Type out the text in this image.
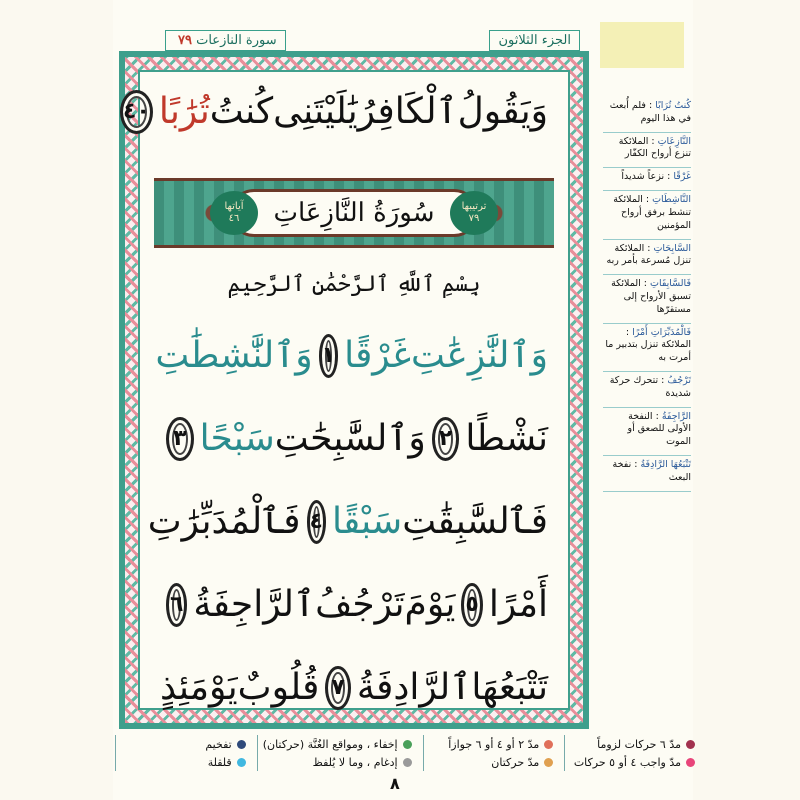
سورة النازعات ٧٩	الجزء الثلاثون
وَيَقُولُ
ٱلْكَافِرُ
يَٰلَيْتَنِى
كُنتُ
تُرَٰبًا
٤٠
ترتيبها
٧٩
سُورَةُ النَّازِعَاتِ
آياتها
٤٦
بِسْمِ ٱللَّهِ ٱلرَّحْمَٰنِ ٱلرَّحِيمِ
وَٱلنَّٰزِعَٰتِ
غَرْقًا
١
وَٱلنَّٰشِطَٰتِ
نَشْطًا
٢
وَٱلسَّٰبِحَٰتِ
سَبْحًا
٣
فَٱلسَّٰبِقَٰتِ
سَبْقًا
٤
فَٱلْمُدَبِّرَٰتِ
أَمْرًا
٥
يَوْمَ
تَرْجُفُ
ٱلرَّاجِفَةُ
٦
تَتْبَعُهَا
ٱلرَّادِفَةُ
٧
قُلُوبٌ
يَوْمَئِذٍ
كُنتُ تُرَابًا : فلم أُبعث في هذا اليوم
النَّازِعَاتِ : الملائكة تنزع أرواح الكفّار
غَرْقًا : نزعاً شديداً
النَّاشِطَاتِ : الملائكة تنشط برفق أرواح المؤمنين
السَّابِحَاتِ : الملائكة تنزل مُسرعة بأمر ربه
فَالسَّابِقَاتِ : الملائكة تسبق الأرواح إلى مستقرّها
فَالْمُدَبِّرَاتِ أَمْرًا : الملائكة تنزل بتدبير ما أمرت به
تَرْجُفُ : تتحرك حركة شديدة
الرَّاجِفَةُ : النفخة الأولى للصعق أو الموت
تَتْبَعُهَا الرَّادِفَةُ : نفخة البعث
مدّ ٦ حركات لزوماً
مدّ ٢ أو ٤ أو ٦ جوازاً
إخفاء ، ومواقع الغُنَّة (حركتان)
تفخيم
مدّ واجب ٤ أو ٥ حركات
مدّ حركتان
إدغام ، وما لا يُلفظ
قلقلة
٨
